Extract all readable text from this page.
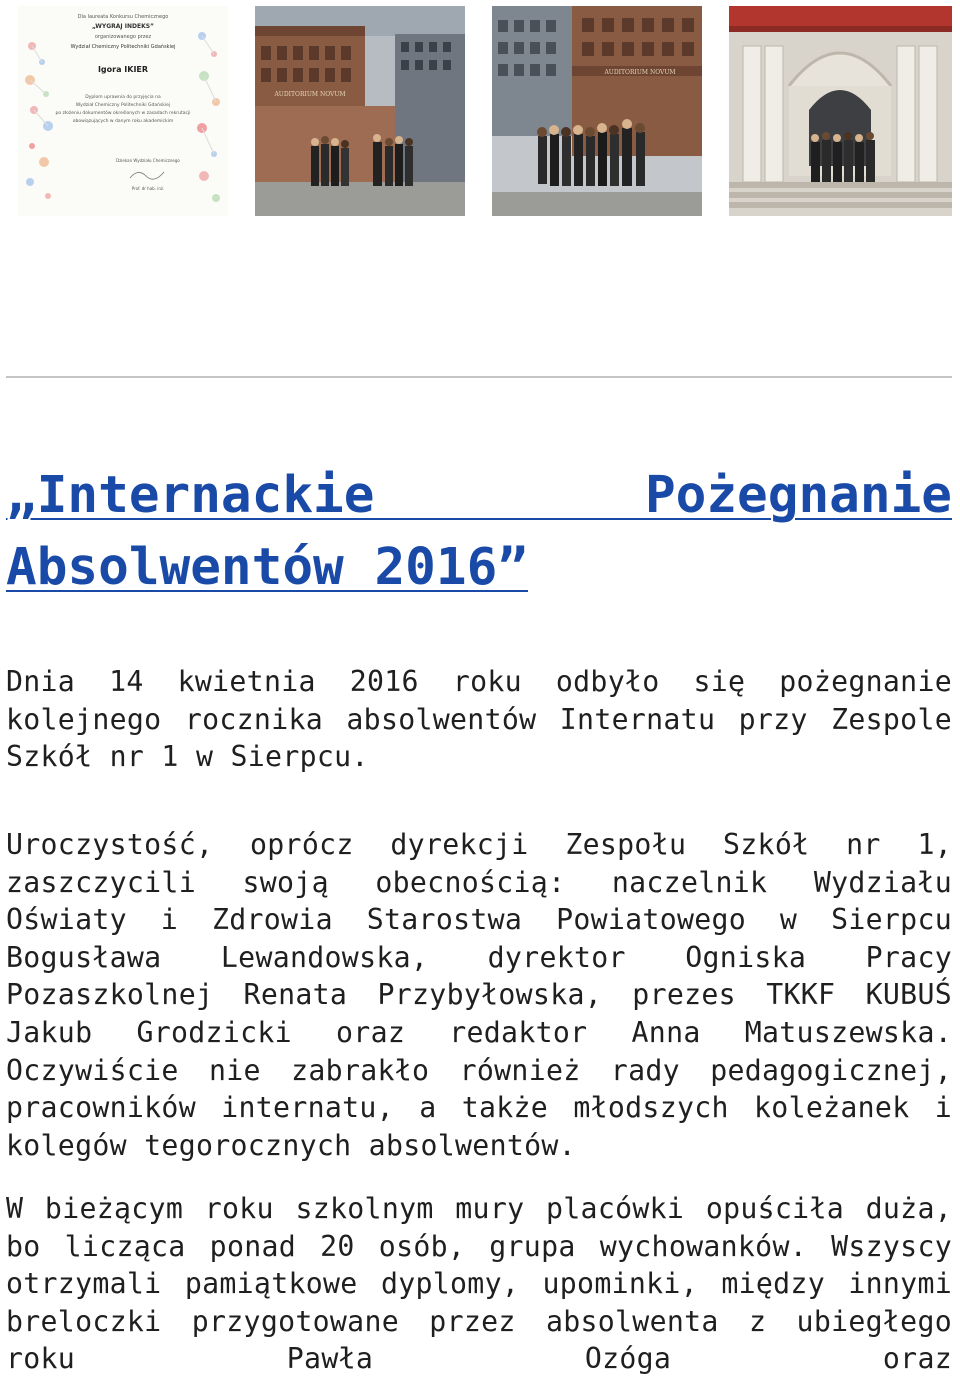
Dla laureata Konkursu Chemicznego
„WYGRAJ INDEKS”
organizowanego przez
Wydział Chemiczny Politechniki Gdańskiej
Igora IKIER
Dyplom uprawnia do przyjęcia na
Wydział Chemiczny Politechniki Gdańskiej
po złożeniu dokumentów określonych w zasadach rekrutacji
obowiązujących w danym roku akademickim
Dziekan Wydziału Chemicznego
Prof. dr hab. inż.
AUDITORIUM NOVUM
AUDITORIUM NOVUM
„Internackie Pożegnanie Absolwentów 2016”

Dnia 14 kwietnia 2016 roku odbyło się pożegnanie kolejnego rocznika absolwentów Internatu przy Zespole Szkół nr 1 w Sierpcu.

Uroczystość, oprócz dyrekcji Zespołu Szkół nr 1, zaszczycili swoją obecnością: naczelnik Wydziału Oświaty i Zdrowia Starostwa Powiatowego w Sierpcu Bogusława Lewandowska, dyrektor Ogniska Pracy Pozaszkolnej Renata Przybyłowska, prezes TKKF KUBUŚ Jakub Grodzicki oraz redaktor Anna Matuszewska. Oczywiście nie zabrakło również rady pedagogicznej, pracowników internatu, a także młodszych koleżanek i kolegów tegorocznych absolwentów.

W bieżącym roku szkolnym mury placówki opuściła duża, bo licząca ponad 20 osób, grupa wychowanków. Wszyscy otrzymali pamiątkowe dyplomy, upominki, między innymi breloczki przygotowane przez absolwenta z ubiegłego roku Pawła Ozóga oraz
